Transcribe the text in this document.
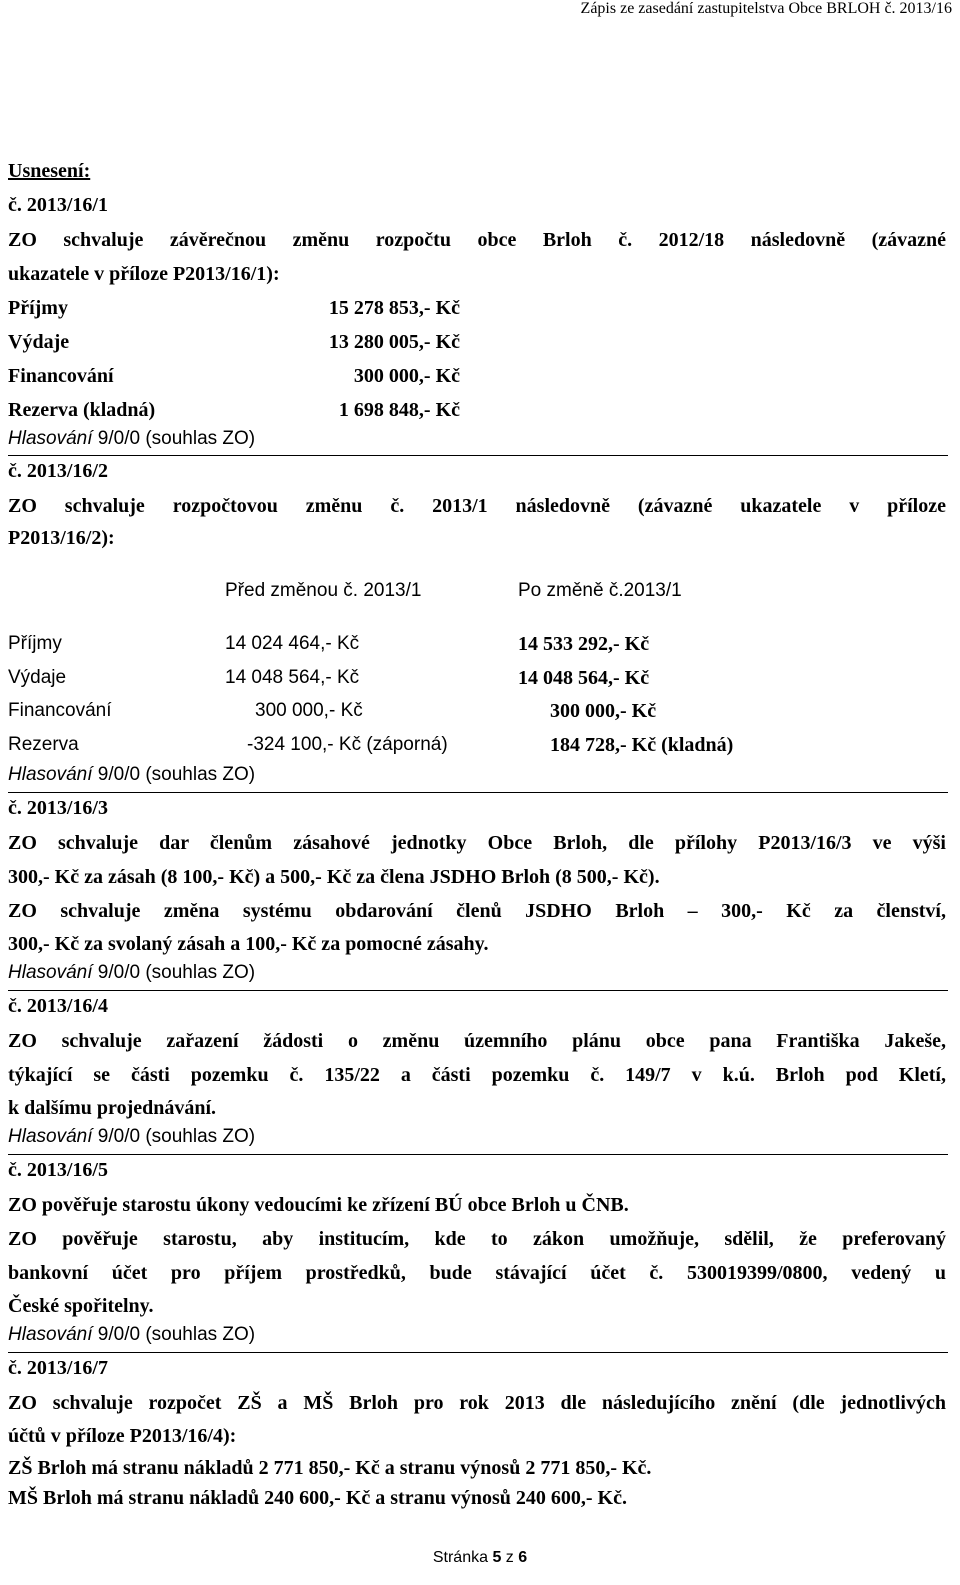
Zápis ze zasedání zastupitelstva Obce BRLOH č. 2013/16
Usnesení:
č. 2013/16/1
ZO schvaluje závěrečnou změnu rozpočtu obce Brloh č. 2012/18 následovně (závazné
ukazatele v příloze P2013/16/1):
Příjmy	15 278 853,- Kč
Výdaje	13 280 005,- Kč
Financování	300 000,- Kč
Rezerva (kladná)	1 698 848,- Kč
Hlasování 9/0/0 (souhlas ZO)
č. 2013/16/2
ZO schvaluje rozpočtovou změnu č. 2013/1 následovně (závazné ukazatele v příloze
P2013/16/2):
Před změnou č. 2013/1	Po změně č.2013/1
Příjmy	14 024 464,- Kč	14 533 292,- Kč
Výdaje	14 048 564,- Kč	14 048 564,- Kč
Financování	300 000,- Kč	300 000,- Kč
Rezerva	-324 100,- Kč (záporná)	184 728,- Kč (kladná)
Hlasování 9/0/0 (souhlas ZO)
č. 2013/16/3
ZO schvaluje dar členům zásahové jednotky Obce Brloh, dle přílohy P2013/16/3 ve výši
300,- Kč za zásah (8 100,- Kč) a 500,- Kč za člena JSDHO Brloh (8 500,- Kč).
ZO schvaluje změna systému obdarování členů JSDHO Brloh – 300,- Kč za členství,
300,- Kč za svolaný zásah a 100,- Kč za pomocné zásahy.
Hlasování 9/0/0 (souhlas ZO)
č. 2013/16/4
ZO schvaluje zařazení žádosti o změnu územního plánu obce pana Františka Jakeše,
týkající se části pozemku č. 135/22 a části pozemku č. 149/7 v k.ú. Brloh pod Kletí,
k dalšímu projednávání.
Hlasování 9/0/0 (souhlas ZO)
č. 2013/16/5
ZO pověřuje starostu úkony vedoucími ke zřízení BÚ obce Brloh u ČNB.
ZO pověřuje starostu, aby institucím, kde to zákon umožňuje, sdělil, že preferovaný
bankovní účet pro příjem prostředků, bude stávající účet č. 530019399/0800, vedený u
České spořitelny.
Hlasování 9/0/0 (souhlas ZO)
č. 2013/16/7
ZO schvaluje rozpočet ZŠ a MŠ Brloh pro rok 2013 dle následujícího znění (dle jednotlivých
účtů v příloze P2013/16/4):
ZŠ Brloh má stranu nákladů 2 771 850,- Kč a stranu výnosů 2 771 850,- Kč.
MŠ Brloh má stranu nákladů 240 600,- Kč a stranu výnosů 240 600,- Kč.
Stránka 5 z 6
